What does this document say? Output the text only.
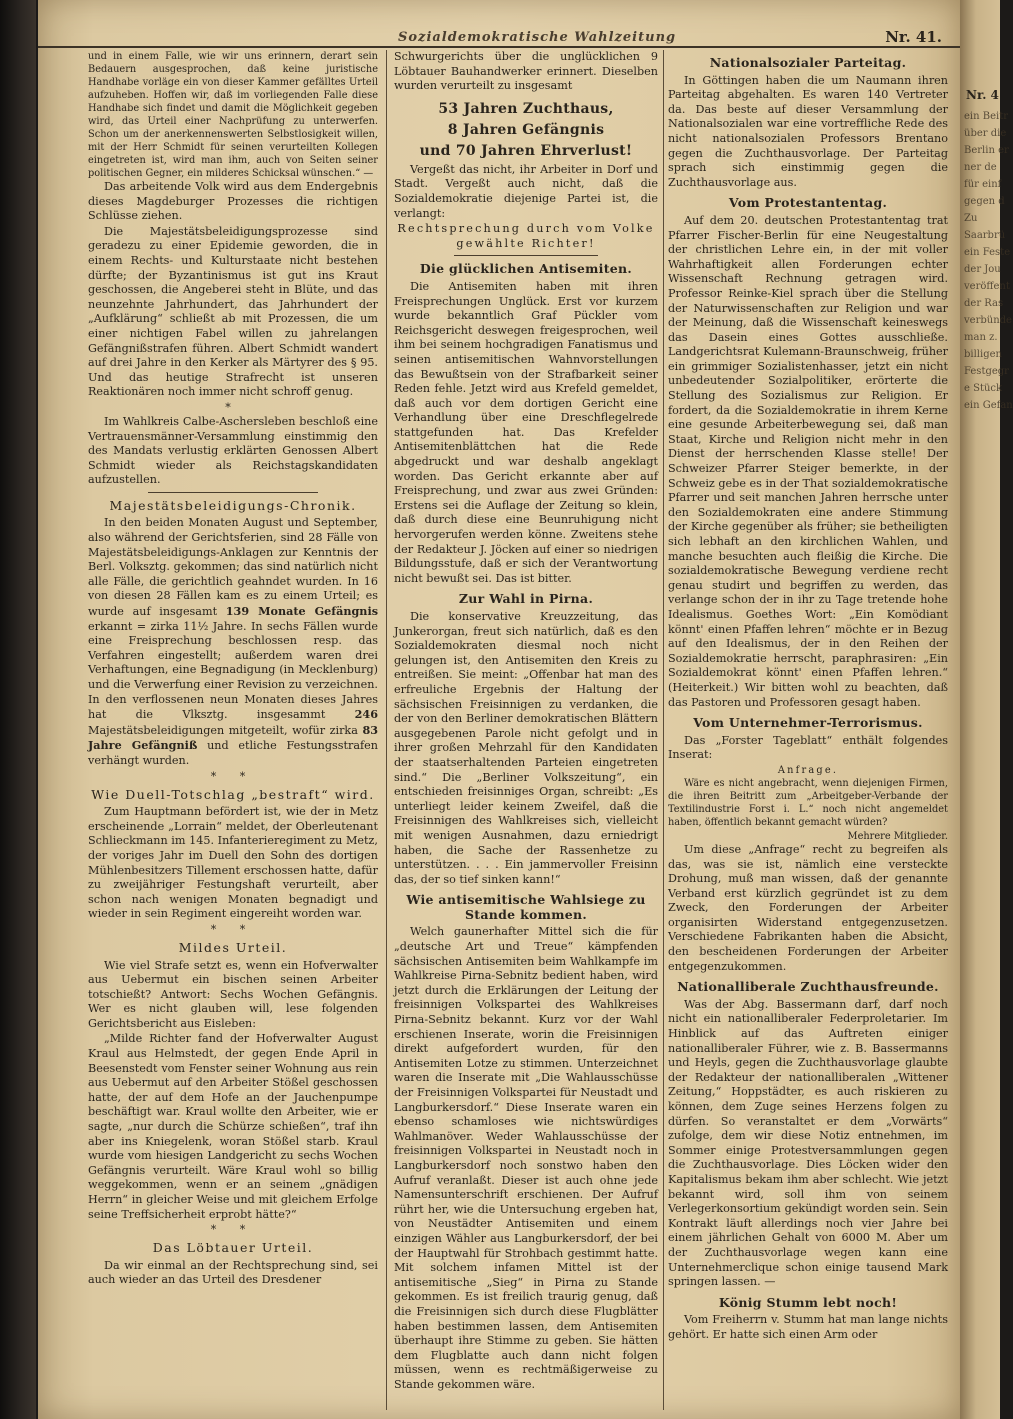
Sozialdemokratische Wahlzeitung	Nr. 41.

und in einem Falle, wie wir uns erinnern, derart sein Bedauern ausgesprochen, daß keine juristische Handhabe vorläge ein von dieser Kammer gefälltes Urteil aufzuheben. Hoffen wir, daß im vorliegenden Falle diese Handhabe sich findet und damit die Möglichkeit gegeben wird, das Urteil einer Nachprüfung zu unterwerfen. Schon um der anerkennenswerten Selbstlosigkeit willen, mit der Herr Schmidt für seinen verurteilten Kollegen eingetreten ist, wird man ihm, auch von Seiten seiner politischen Gegner, ein milderes Schicksal wünschen.“ —

Das arbeitende Volk wird aus dem Endergebnis dieses Magdeburger Prozesses die richtigen Schlüsse ziehen.

Die Majestätsbeleidigungsprozesse sind geradezu zu einer Epidemie geworden, die in einem Rechts- und Kulturstaate nicht bestehen dürfte; der Byzantinismus ist gut ins Kraut geschossen, die Angeberei steht in Blüte, und das neunzehnte Jahrhundert, das Jahrhundert der „Aufklärung“ schließt ab mit Prozessen, die um einer nichtigen Fabel willen zu jahrelangen Gefängnißstrafen führen. Albert Schmidt wandert auf drei Jahre in den Kerker als Märtyrer des § 95. Und das heutige Strafrecht ist unseren Reaktionären noch immer nicht schroff genug.

*

Im Wahlkreis Calbe-Aschersleben beschloß eine Vertrauensmänner-Versammlung einstimmig den des Mandats verlustig erklärten Genossen Albert Schmidt wieder als Reichstagskandidaten aufzustellen.

Majestätsbeleidigungs-Chronik.

In den beiden Monaten August und September, also während der Gerichtsferien, sind 28 Fälle von Majestätsbeleidigungs-Anklagen zur Kenntnis der Berl. Volksztg. gekommen; das sind natürlich nicht alle Fälle, die gerichtlich geahndet wurden. In 16 von diesen 28 Fällen kam es zu einem Urteil; es wurde auf insgesamt 139 Monate Gefängnis erkannt = zirka 11½ Jahre. In sechs Fällen wurde eine Freisprechung beschlossen resp. das Verfahren eingestellt; außerdem waren drei Verhaftungen, eine Begnadigung (in Mecklenburg) und die Verwerfung einer Revision zu verzeichnen. In den verflossenen neun Monaten dieses Jahres hat die Vlksztg. insgesammt	246 Majestätsbeleidigungen mitgeteilt, wofür zirka 83 Jahre Gefängniß und etliche Festungsstrafen verhängt wurden.

* *
Wie Duell-Totschlag „bestraft“ wird.

Zum Hauptmann befördert ist, wie der in Metz erscheinende „Lorrain“ meldet, der Oberleutenant Schlieckmann im 145. Infanterieregiment zu Metz, der voriges Jahr im Duell den Sohn des dortigen Mühlenbesitzers Tillement erschossen hatte, dafür zu zweijähriger Festungshaft verurteilt, aber schon nach wenigen Monaten begnadigt und wieder in sein Regiment eingereiht worden war.

* *
Mildes Urteil.

Wie viel Strafe setzt es, wenn ein Hofverwalter aus Uebermut ein bischen seinen Arbeiter totschießt? Antwort: Sechs Wochen Gefängnis. Wer es nicht glauben will, lese folgenden Gerichtsbericht aus Eisleben:

„Milde Richter fand der Hofverwalter August Kraul aus Helmstedt, der gegen Ende April in Beesenstedt vom Fenster seiner Wohnung aus rein aus Uebermut auf den Arbeiter Stößel geschossen hatte, der auf dem Hofe an der Jauchenpumpe beschäftigt war. Kraul wollte den Arbeiter, wie er sagte, „nur durch die Schürze schießen“, traf ihn aber ins Kniegelenk, woran Stößel starb. Kraul wurde vom hiesigen Landgericht zu sechs Wochen Gefängnis verurteilt. Wäre Kraul wohl so billig weggekommen, wenn er an seinem „gnädigen Herrn“ in gleicher Weise und mit gleichem Erfolge seine Treffsicherheit erprobt hätte?“

* *
Das Löbtauer Urteil.

Da wir einmal an der Rechtsprechung sind, sei auch wieder an das Urteil des Dresdener

Schwurgerichts über die unglücklichen 9 Löbtauer Bauhandwerker erinnert. Dieselben wurden verurteilt zu insgesamt

53 Jahren Zuchthaus,
8 Jahren Gefängnis
und 70 Jahren Ehrverlust!

Vergeßt das nicht, ihr Arbeiter in Dorf und Stadt. Vergeßt auch nicht, daß die Sozialdemokratie diejenige Partei ist, die verlangt:

Rechtsprechung durch vom Volke gewählte Richter!

Die glücklichen Antisemiten.

Die Antisemiten haben mit ihren Freisprechungen Unglück. Erst vor kurzem wurde bekanntlich Graf Pückler vom Reichsgericht deswegen freigesprochen, weil ihm bei seinem hochgradigen Fanatismus und seinen antisemitischen Wahnvorstellungen das Bewußtsein von der Strafbarkeit seiner Reden fehle. Jetzt wird aus Krefeld gemeldet, daß auch vor dem dortigen Gericht eine Verhandlung über eine Dreschflegelrede stattgefunden hat. Das Krefelder Antisemitenblättchen hat die Rede abgedruckt und war deshalb angeklagt worden. Das Gericht erkannte aber auf Freisprechung, und zwar aus zwei Gründen: Erstens sei die Auflage der Zeitung so klein, daß durch diese eine Beunruhigung nicht hervorgerufen werden könne. Zweitens stehe der Redakteur J. Jöcken auf einer so niedrigen Bildungsstufe, daß er sich der Verantwortung nicht bewußt sei. Das ist bitter.

Zur Wahl in Pirna.

Die konservative Kreuzzeitung, das Junkerorgan, freut sich natürlich, daß es den Sozialdemokraten diesmal noch nicht gelungen ist, den Antisemiten den Kreis zu entreißen. Sie meint: „Offenbar hat man des erfreuliche Ergebnis der Haltung der sächsischen Freisinnigen zu verdanken, die der von den Berliner demokratischen Blättern ausgegebenen Parole nicht gefolgt und in ihrer großen Mehrzahl für den Kandidaten der staatserhaltenden Parteien eingetreten sind.“ Die „Berliner Volkszeitung“, ein entschieden freisinniges Organ, schreibt: „Es unterliegt leider keinem Zweifel, daß die Freisinnigen des Wahlkreises sich, vielleicht mit wenigen Ausnahmen, dazu erniedrigt haben, die Sache der Rassenhetze zu unterstützen. . . . Ein jammervoller Freisinn das, der so tief sinken kann!“

Wie antisemitische Wahlsiege zu Stande kommen.

Welch gaunerhafter Mittel sich die für „deutsche Art und Treue“ kämpfenden sächsischen Antisemiten beim Wahlkampfe im Wahlkreise Pirna-Sebnitz bedient haben, wird jetzt durch die Erklärungen der Leitung der freisinnigen Volkspartei des Wahlkreises Pirna-Sebnitz bekannt. Kurz vor der Wahl erschienen Inserate, worin die Freisinnigen direkt aufgefordert wurden, für den Antisemiten Lotze zu stimmen. Unterzeichnet waren die Inserate mit „Die Wahlausschüsse der Freisinnigen Volkspartei für Neustadt und Langburkersdorf.“ Diese Inserate waren ein ebenso schamloses wie nichtswürdiges Wahlmanöver. Weder Wahlausschüsse der freisinnigen Volkspartei in Neustadt noch in Langburkersdorf noch sonstwo haben den Aufruf veranlaßt. Dieser ist auch ohne jede Namensunterschrift erschienen. Der Aufruf rührt her, wie die Untersuchung ergeben hat, von Neustädter Antisemiten und einem einzigen Wähler aus Langburkersdorf, der bei der Hauptwahl für Strohbach gestimmt hatte. Mit solchem infamen Mittel ist der antisemitische „Sieg“ in Pirna zu Stande gekommen. Es ist freilich traurig genug, daß die Freisinnigen sich durch diese Flugblätter haben bestimmen lassen, dem Antisemiten überhaupt ihre Stimme zu geben. Sie hätten dem Flugblatte auch dann nicht folgen müssen, wenn es rechtmäßigerweise zu Stande gekommen wäre.

Nationalsozialer Parteitag.

In Göttingen haben die um Naumann ihren Parteitag abgehalten. Es waren 140 Vertreter da. Das beste auf dieser Versammlung der Nationalsozialen war eine vortreffliche Rede des nicht nationalsozialen Professors Brentano gegen die Zuchthausvorlage. Der Parteitag sprach sich einstimmig gegen die Zuchthausvorlage aus.

Vom Protestantentag.

Auf dem 20. deutschen Protestantentag trat Pfarrer Fischer-Berlin für eine Neugestaltung der christlichen Lehre ein, in der mit voller Wahrhaftigkeit allen Forderungen echter Wissenschaft Rechnung getragen wird. Professor Reinke-Kiel sprach über die Stellung der Naturwissenschaften zur Religion und war der Meinung, daß die Wissenschaft keineswegs das Dasein eines Gottes ausschließe. Landgerichtsrat Kulemann-Braunschweig, früher ein grimmiger Sozialistenhasser, jetzt ein nicht unbedeutender Sozialpolitiker, erörterte die Stellung des Sozialismus zur Religion. Er fordert, da die Sozialdemokratie in ihrem Kerne eine gesunde Arbeiterbewegung sei, daß man Staat, Kirche und Religion nicht mehr in den Dienst der herrschenden Klasse stelle! Der Schweizer Pfarrer Steiger bemerkte, in der Schweiz gebe es in der That sozialdemokratische Pfarrer und seit manchen Jahren herrsche unter den Sozialdemokraten eine andere Stimmung der Kirche gegenüber als früher; sie betheiligten sich lebhaft an den kirchlichen Wahlen, und manche besuchten auch fleißig die Kirche. Die sozialdemokratische Bewegung verdiene recht genau studirt und begriffen zu werden, das verlange schon der in ihr zu Tage tretende hohe Idealismus. Goethes Wort: „Ein Komödiant könnt' einen Pfaffen lehren“ möchte er in Bezug auf den Idealismus, der in den Reihen der Sozialdemokratie herrscht, paraphrasiren: „Ein Sozialdemokrat könnt' einen Pfaffen lehren.“ (Heiterkeit.) Wir bitten wohl zu beachten, daß das Pastoren und Professoren gesagt haben.

Vom Unternehmer-Terrorismus.

Das „Forster Tageblatt“ enthält folgendes Inserat:

Anfrage.

Wäre es nicht angebracht, wenn diejenigen Firmen, die ihren Beitritt zum „Arbeitgeber-Verbande der Textilindustrie Forst i. L.“ noch nicht angemeldet haben, öffentlich bekannt gemacht würden?

Mehrere Mitglieder.

Um diese „Anfrage“ recht zu begreifen als das, was sie ist, nämlich eine versteckte Drohung, muß man wissen, daß der genannte Verband erst kürzlich gegründet ist zu dem Zweck, den Forderungen der Arbeiter organisirten Widerstand entgegenzusetzen. Verschiedene Fabrikanten haben die Absicht, den bescheidenen Forderungen der Arbeiter entgegenzukommen.

Nationalliberale Zuchthausfreunde.

Was der Abg. Bassermann darf, darf noch nicht ein nationalliberaler Federproletarier. Im Hinblick auf das Auftreten einiger nationalliberaler Führer, wie z. B. Bassermanns und Heyls, gegen die Zuchthausvorlage glaubte der Redakteur der nationalliberalen „Wittener Zeitung,“ Hoppstädter, es auch riskieren zu können, dem Zuge seines Herzens folgen zu dürfen. So veranstaltet er dem „Vorwärts“ zufolge, dem wir diese Notiz entnehmen, im Sommer einige Protestversammlungen gegen die Zuchthausvorlage. Dies Löcken wider den Kapitalismus bekam ihm aber schlecht. Wie jetzt bekannt wird, soll ihm von seinem Verlegerkonsortium gekündigt worden sein. Sein Kontrakt läuft allerdings noch vier Jahre bei einem jährlichen Gehalt von 6000 M. Aber um der Zuchthausvorlage wegen kann eine Unternehmerclique schon einige tausend Mark springen lassen. —

König Stumm lebt noch!

Vom Freiherrn v. Stumm hat man lange nichts gehört. Er hatte sich einen Arm oder

Nr. 4
ein Beitr
über die
Berlin er
ner de
für einf
gegen d
Zu
Saarbrü
ein Feste
der Jou
veröffent
der Ras
verbünde
man z.
billigen
Festgegr
e Stück
ein Gefan
